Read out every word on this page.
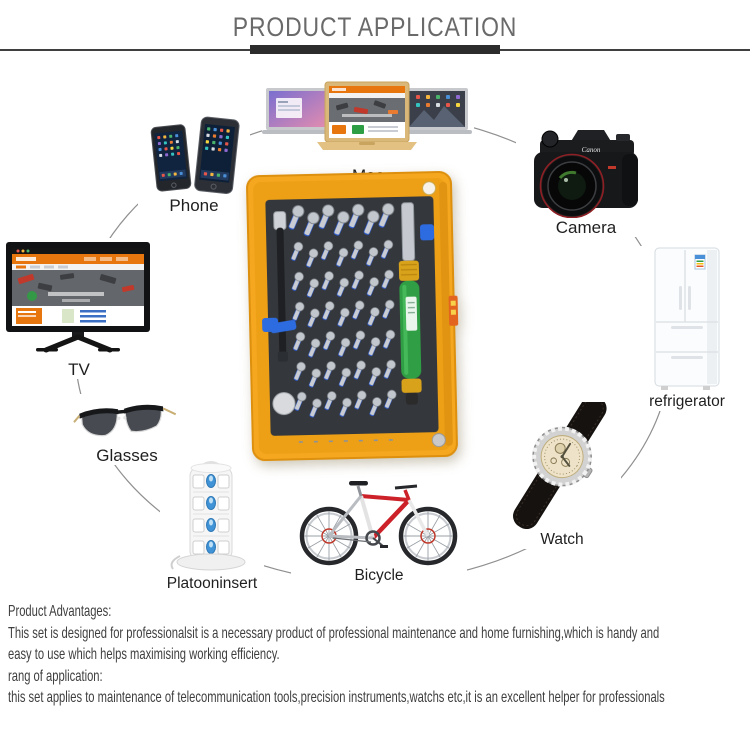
PRODUCT APPLICATION
Phone
Canon
Camera
refrigerator
Watch
Bicycle
Platooninsert
Glasses
TV
Product Advantages:
This set is designed for professionalsit is a necessary product of professional maintenance and home furnishing,which is handy and
easy to use which helps maximising working efficiency.
rang of application:
this set applies to maintenance of telecommunication tools,precision instruments,watchs etc,it is an excellent helper for professionals
